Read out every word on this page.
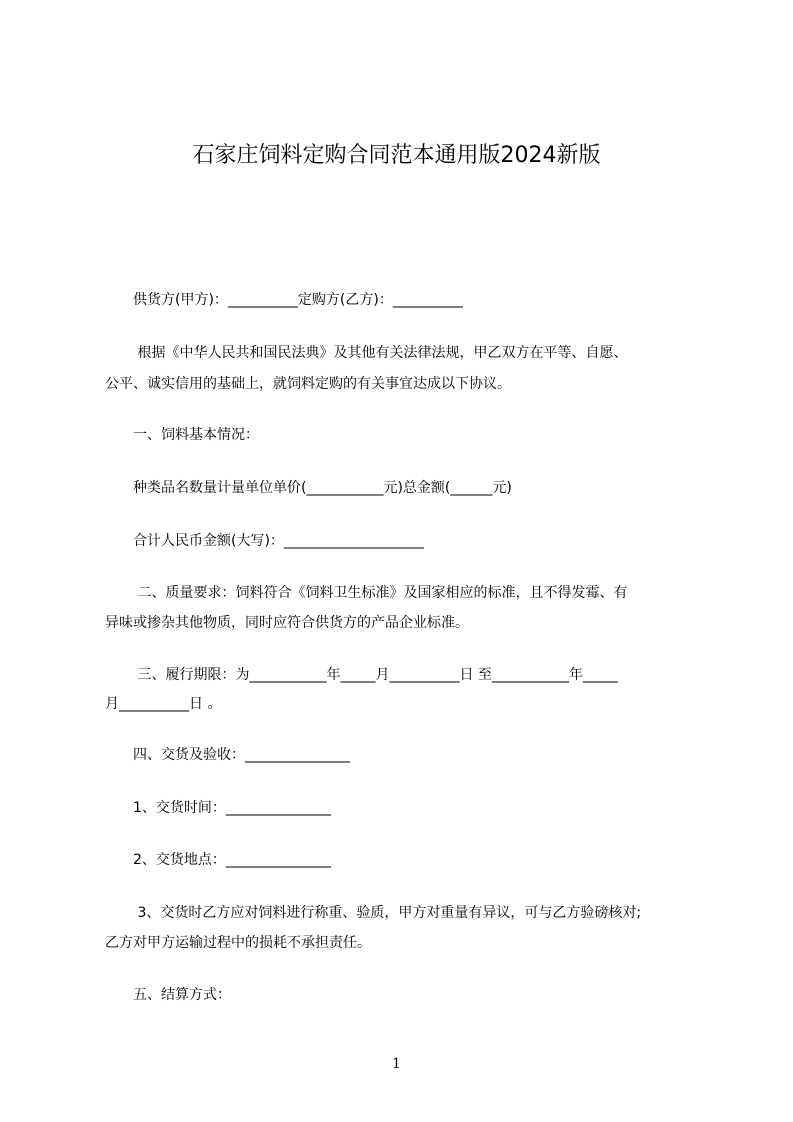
石家庄饲料定购合同范本通用版2024新版
　　供货方(甲方)：__________定购方(乙方)：__________
　　 根据《中华人民共和国民法典》及其他有关法律法规，甲乙双方在平等、自愿、
公平、诚实信用的基础上，就饲料定购的有关事宜达成以下协议。
　　一、饲料基本情况：
　　种类品名数量计量单位单价(___________元)总金额(______元)
　　合计人民币金额(大写)：____________________
　　 二、质量要求：饲料符合《饲料卫生标准》及国家相应的标准，且不得发霉、有
异味或掺杂其他物质，同时应符合供货方的产品企业标准。
　　 三、履行期限：为___________年_____月__________日 至___________年_____
月__________日 。
　　四、交货及验收：_______________
　　1、交货时间：_______________
　　2、交货地点：_______________
　　 3、交货时乙方应对饲料进行称重、验质，甲方对重量有异议，可与乙方验磅核对;
乙方对甲方运输过程中的损耗不承担责任。
　　五、结算方式：
1
